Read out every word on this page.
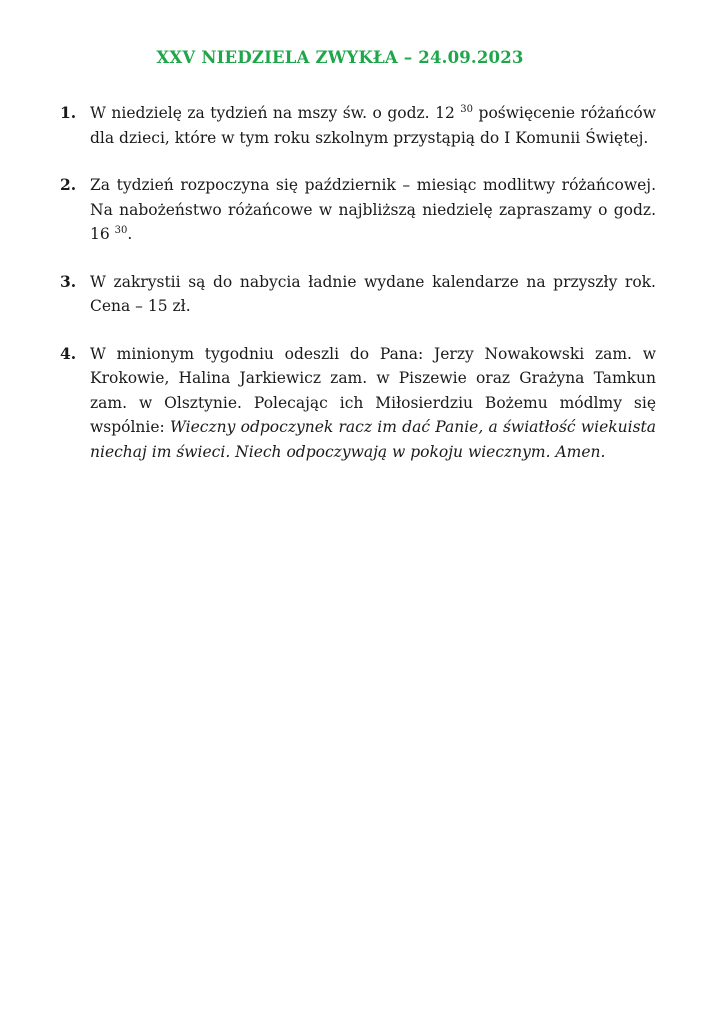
XXV NIEDZIELA ZWYKŁA – 24.09.2023
1. W niedzielę za tydzień na mszy św. o godz. 12 $^{30}$ poświęcenie różańców dla dzieci, które w tym roku szkolnym przystąpią do I Komunii Świętej.
2. Za tydzień rozpoczyna się październik – miesiąc modlitwy różańcowej. Na nabożeństwo różańcowe w najbliższą niedzielę zapraszamy o godz. 16 $^{30}$.
3. W zakrystii są do nabycia ładnie wydane kalendarze na przyszły rok. Cena – 15 zł.
4. W minionym tygodniu odeszli do Pana: Jerzy Nowakowski zam. w Krokowie, Halina Jarkiewicz zam. w Piszewie oraz Grażyna Tamkun zam. w Olsztynie. Polecając ich Miłosierdziu Bożemu módlmy się wspólnie: Wieczny odpoczynek racz im dać Panie, a światłość wiekuista niechaj im świeci. Niech odpoczywają w pokoju wiecznym. Amen.
